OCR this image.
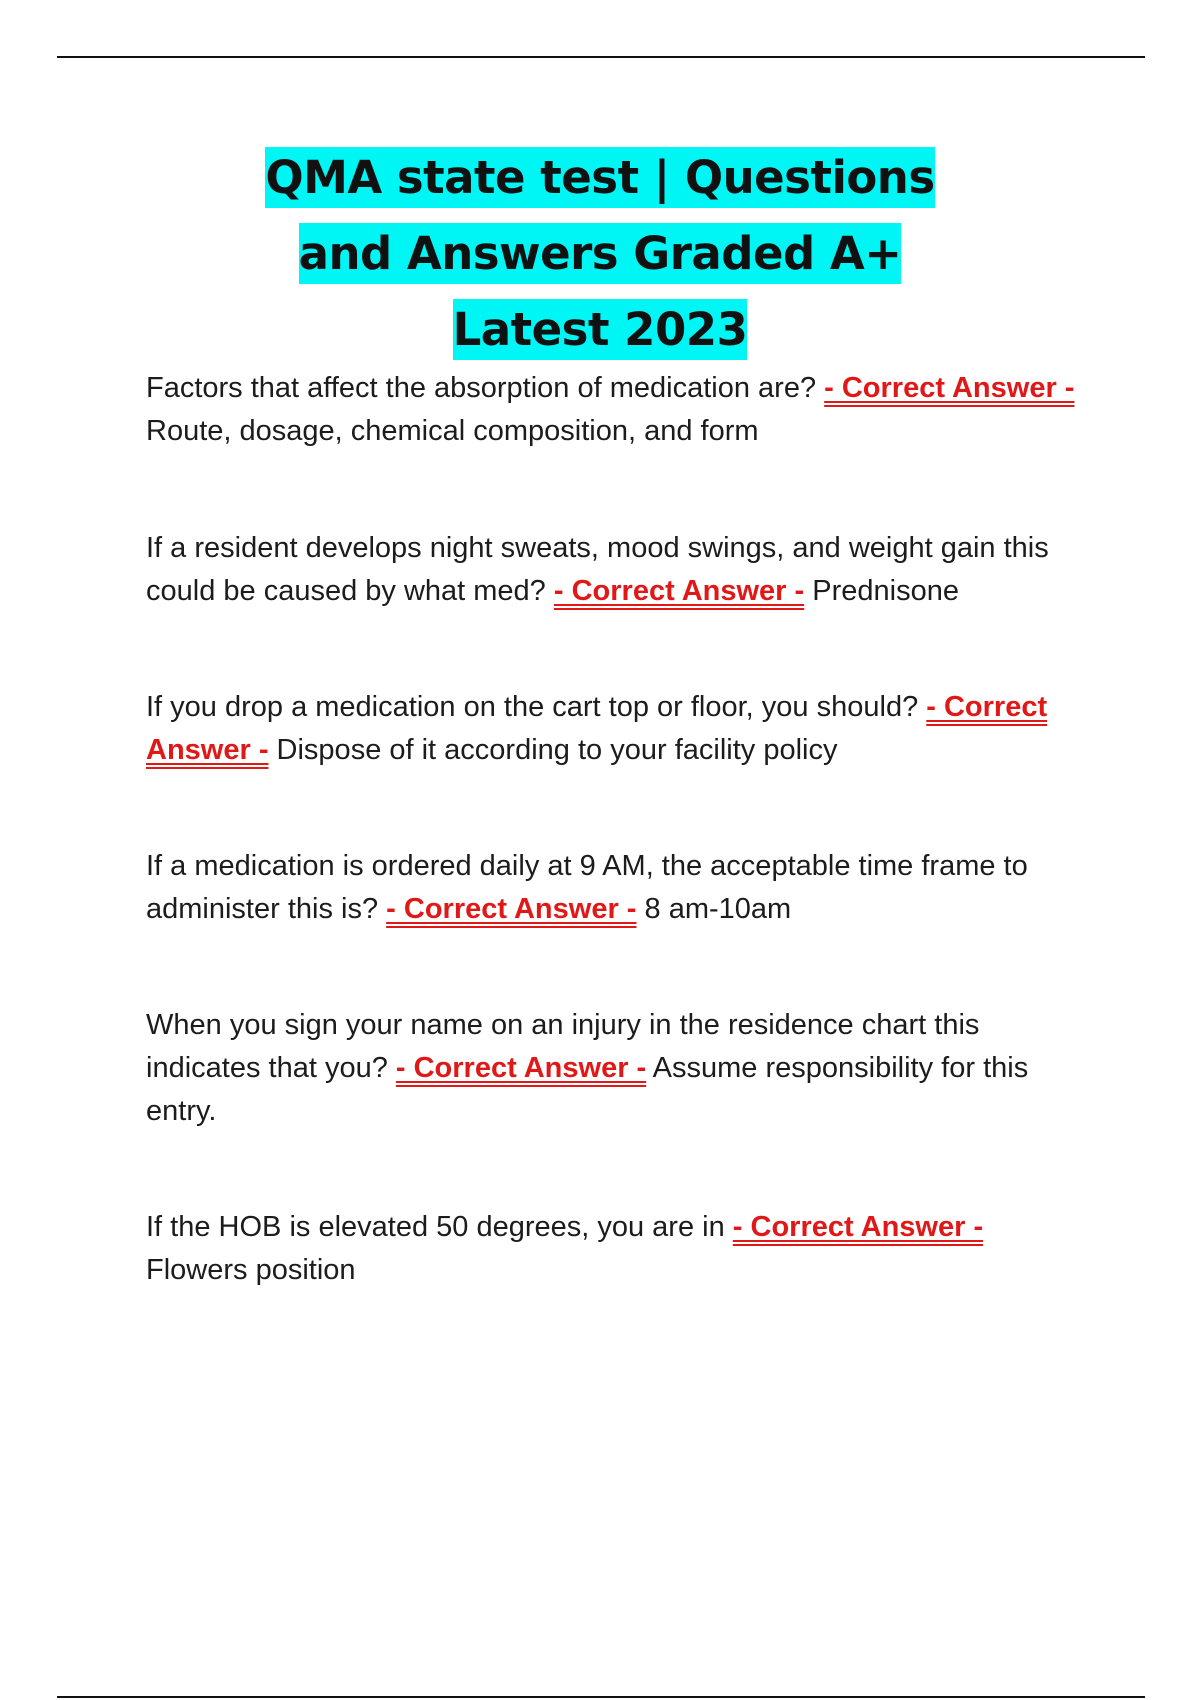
QMA state test | Questions and Answers Graded A+ Latest 2023

Factors that affect the absorption of medication are? - Correct Answer - Route, dosage, chemical composition, and form

If a resident develops night sweats, mood swings, and weight gain this could be caused by what med? - Correct Answer - Prednisone

If you drop a medication on the cart top or floor, you should? - Correct Answer - Dispose of it according to your facility policy

If a medication is ordered daily at 9 AM, the acceptable time frame to administer this is? - Correct Answer - 8 am-10am

When you sign your name on an injury in the residence chart this indicates that you? - Correct Answer - Assume responsibility for this entry.

If the HOB is elevated 50 degrees, you are in - Correct Answer - Flowers position
